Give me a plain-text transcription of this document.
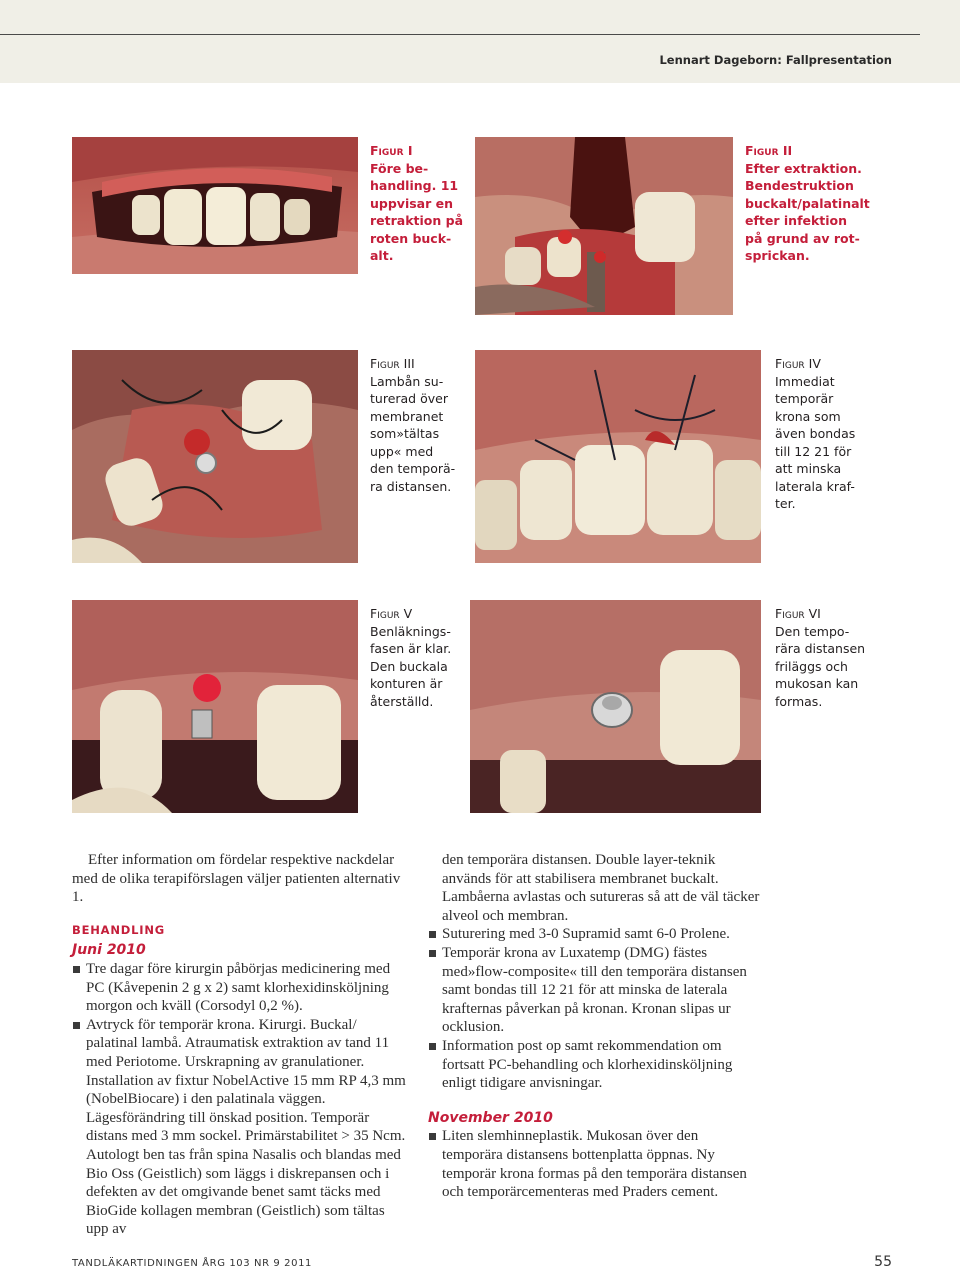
Lennart Dageborn: Fallpresentation
Figur I
Före be-
handling. 11
uppvisar en
retraktion på
roten buck-
alt.
Figur II
Efter extraktion.
Bendestruktion
buckalt/palatinalt
efter infektion
på grund av rot-
sprickan.
Figur III
Lambån su-
turerad över
membranet
som»tältas
upp« med
den temporä-
ra distansen.
Figur IV
Immediat
temporär
krona som
även bondas
till 12 21 för
att minska
laterala kraf-
ter.
Figur V
Benläknings-
fasen är klar.
Den buckala
konturen är
återställd.
Figur VI
Den tempo-
rära distansen
friläggs och
mukosan kan
formas.

Efter information om fördelar respektive nackdelar med de olika terapiförslagen väljer patienten alternativ 1.

BEHANDLING

Juni 2010

Tre dagar före kirurgin påbörjas medicinering med PC (Kåvepenin 2 g x 2) samt klorhexidinsköljning morgon och kväll (Corsodyl 0,2 %).

Avtryck för temporär krona. Kirurgi. Buckal/ palatinal lambå. Atraumatisk extraktion av tand 11 med Periotome. Urskrapning av granulationer. Installation av fixtur NobelActive 15 mm RP 4,3 mm (NobelBiocare) i den palatinala väggen. Lägesförändring till önskad position. Temporär distans med 3 mm sockel. Primärstabilitet > 35 Ncm. Autologt ben tas från spina Nasalis och blandas med Bio Oss (Geistlich) som läggs i diskrepansen och i defekten av det omgivande benet samt täcks med BioGide kollagen membran (Geistlich) som tältas upp av

den temporära distansen. Double layer-teknik används för att stabilisera membranet buckalt. Lambåerna avlastas och sutureras så att de väl täcker alveol och membran.

Suturering med 3-0 Supramid samt 6-0 Prolene.

Temporär krona av Luxatemp (DMG) fästes med»flow-composite« till den temporära distansen samt bondas till 12 21 för att minska de laterala krafternas påverkan på kronan. Kronan slipas ur ocklusion.

Information post op samt rekommendation om fortsatt PC-behandling och klorhexidinsköljning enligt tidigare anvisningar.

November 2010

Liten slemhinneplastik. Mukosan över den temporära distansens bottenplatta öppnas. Ny temporär krona formas på den temporära distansen och temporärcementeras med Praders cement.

TANDLÄKARTIDNINGEN ÅRG 103 NR 9 2011	55
